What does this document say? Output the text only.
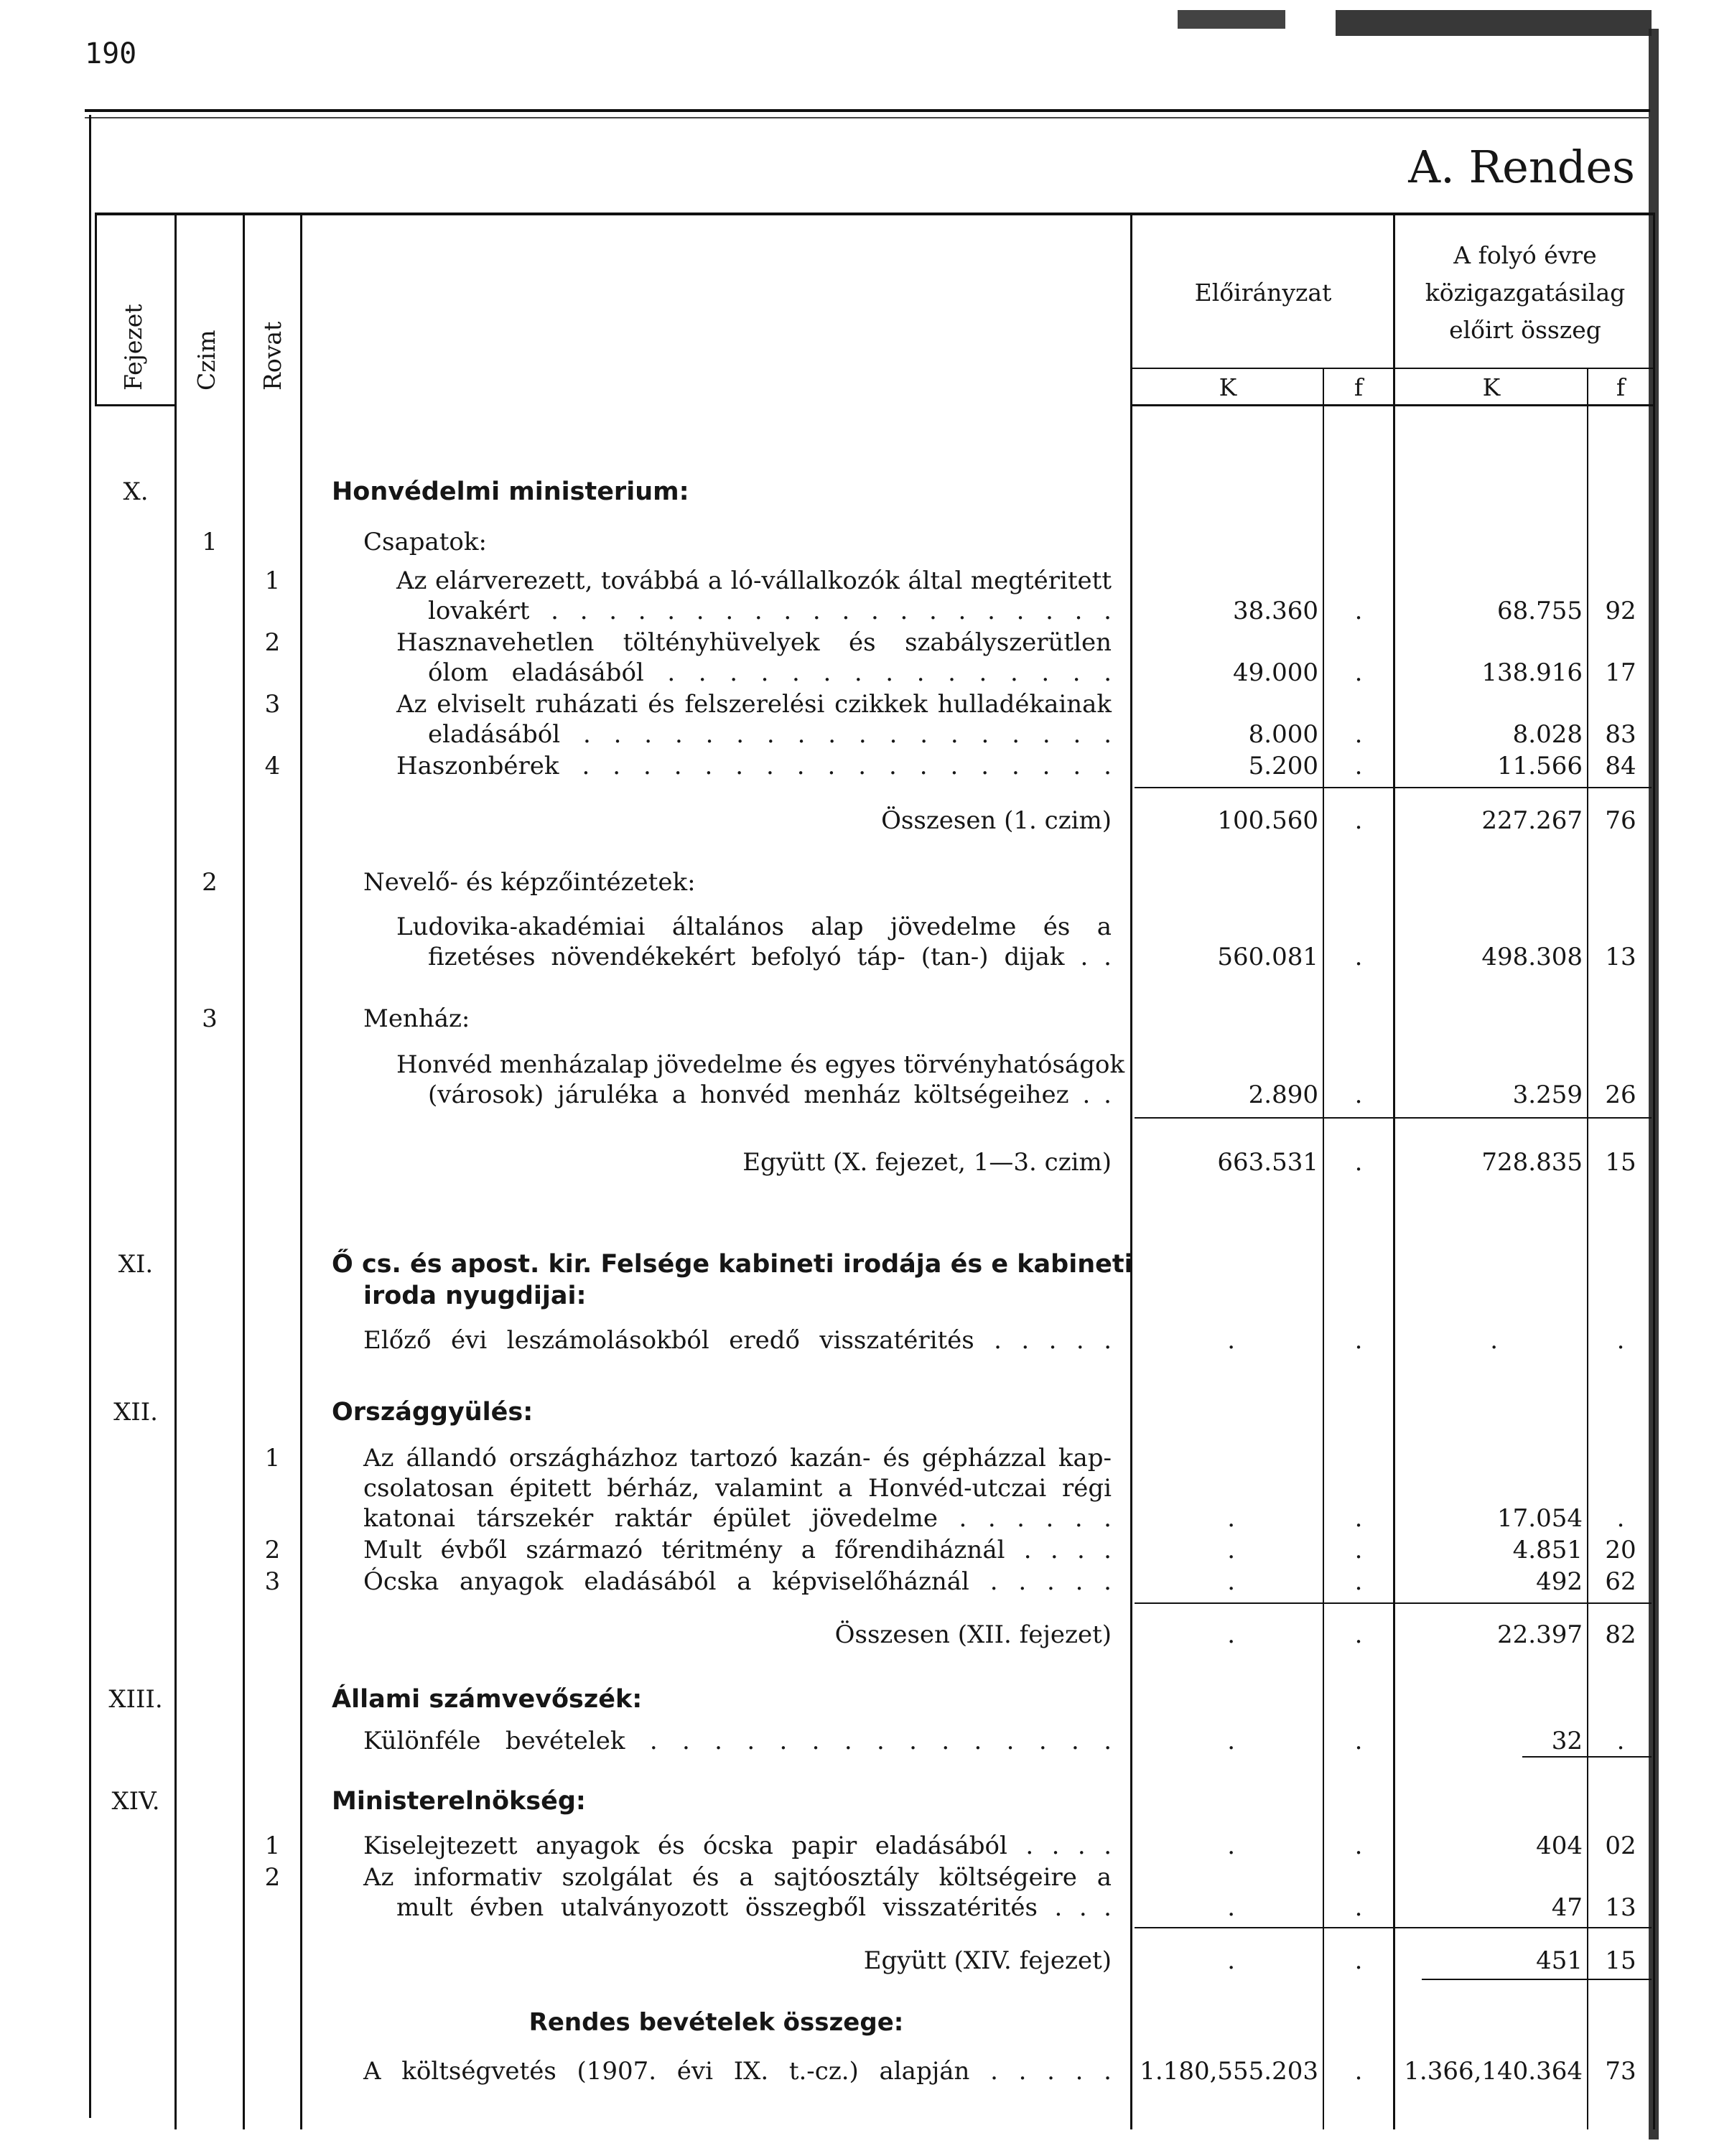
190
A. Rendes
Fejezet Czim Rovat
Előirányzat
A folyó évre
közigazgatásilag
előirt összeg
K	f	K	f
X.	Honvédelmi ministerium:
1	Csapatok:
1	Az elárverezett, továbbá a ló-vállalkozók által megtéritett
lovakért . . . . . . . . . . . . . . . . . . . .	38.360	.	68.755 92
2	Hasznavehetlen töltényhüvelyek és szabályszerütlen
ólom eladásából . . . . . . . . . . . . . . .	49.000	.	138.916 17
3	Az elviselt ruházati és felszerelési czikkek hulladékainak
eladásából . . . . . . . . . . . . . . . . . .	8.000	.	8.028 83
4	Haszonbérek . . . . . . . . . . . . . . . . . .	5.200	.	11.566 84
Összesen (1. czim)	100.560	.	227.267 76
2	Nevelő- és képzőintézetek:
Ludovika-akadémiai általános alap jövedelme és a
fizetéses növendékekért befolyó táp- (tan-) dijak . .	560.081	.	498.308 13
3	Menház:
Honvéd menházalap jövedelme és egyes törvényhatóságok
(városok) járuléka a honvéd menház költségeihez . .	2.890	.	3.259 26
Együtt (X. fejezet, 1—3. czim)	663.531	.	728.835 15
XI.	Ő cs. és apost. kir. Felsége kabineti irodája és e kabineti
iroda nyugdijai:
Előző évi leszámolásokból eredő visszatérités . . . . .	.	.	.	.
XII.	Országgyülés:
1	Az állandó országházhoz tartozó kazán- és gépházzal kap-
csolatosan épitett bérház, valamint a Honvéd-utczai régi
katonai társzekér raktár épület jövedelme . . . . . .	.	.	17.054	.
2	Mult évből származó téritmény a főrendiháznál . . . .	.	.	4.851 20
3	Ócska anyagok eladásából a képviselőháznál . . . . .	.	.	492 62
Összesen (XII. fejezet)	.	.	22.397 82
XIII.	Állami számvevőszék:
Különféle bevételek . . . . . . . . . . . . . . .	.	.	32	.
XIV.	Ministerelnökség:
1	Kiselejtezett anyagok és ócska papir eladásából . . . .	.	.	404 02
2	Az informativ szolgálat és a sajtóosztály költségeire a
mult évben utalványozott összegből visszatérités . . .	.	.	47 13
Együtt (XIV. fejezet)	.	.	451 15
Rendes bevételek összege:
A költségvetés (1907. évi IX. t.-cz.) alapján . . . . . 1.180,555.203	.	1.366,140.364 73
